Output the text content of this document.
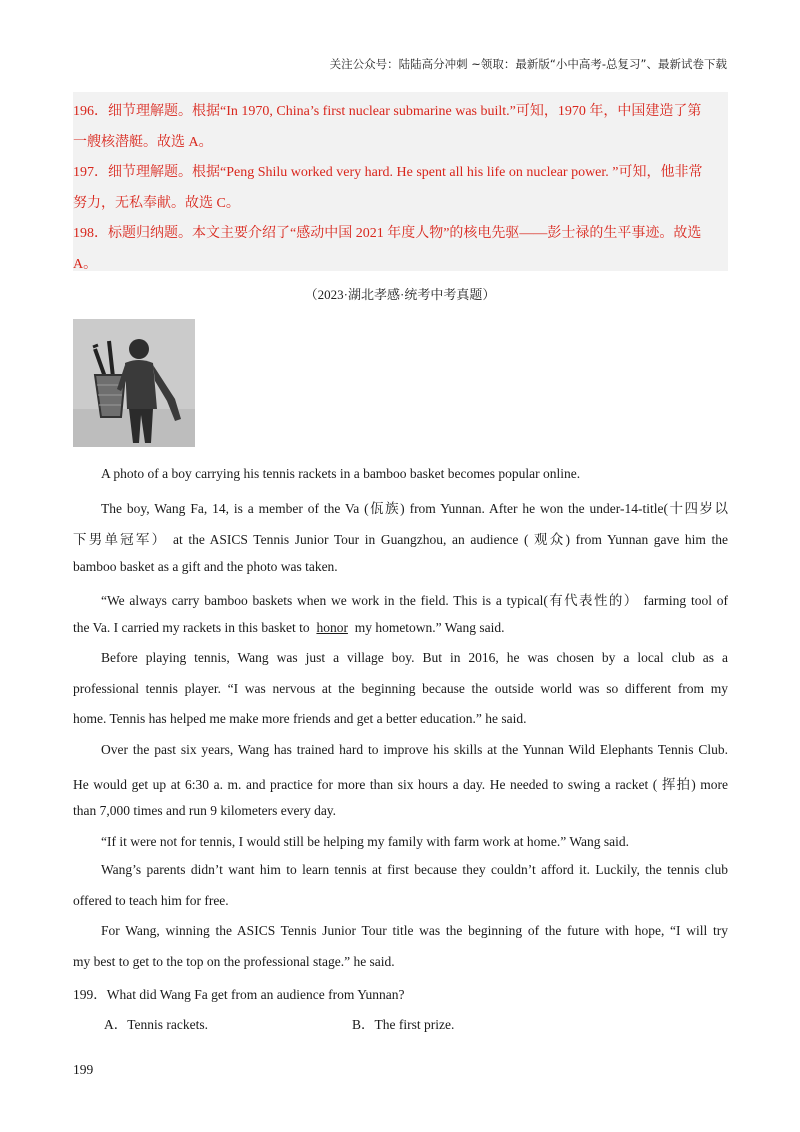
关注公众号：陆陆高分冲刺 ~领取：最新版“小中高考-总复习”、最新试卷下载
196．细节理解题。根据“In 1970, China’s first nuclear submarine was built.”可知，1970 年，中国建造了第
一艘核潜艇。故选 A。
197．细节理解题。根据“Peng Shilu worked very hard. He spent all his life on nuclear power. ”可知，他非常
努力，无私奉献。故选 C。
198．标题归纳题。本文主要介绍了“感动中国 2021 年度人物”的核电先驱——彭士禄的生平事迹。故选
A。
（2023·湖北孝感·统考中考真题）
A photo of a boy carrying his tennis rackets in a bamboo basket becomes popular online.
The boy, Wang Fa, 14, is a member of the Va (佤族) from Yunnan. After he won the under-14-title(十四岁以
下男单冠军） at the ASICS Tennis Junior Tour in Guangzhou, an audience ( 观众) from Yunnan gave him the
bamboo basket as a gift and the photo was taken.
“We always carry bamboo baskets when we work in the field. This is a typical(有代表性的） farming tool of
the Va. I carried my rackets in this basket to honor my hometown.” Wang said.
Before playing tennis, Wang was just a village boy. But in 2016, he was chosen by a local club as a
professional tennis player. “I was nervous at the beginning because the outside world was so different from my
home. Tennis has helped me make more friends and get a better education.” he said.
Over the past six years, Wang has trained hard to improve his skills at the Yunnan Wild Elephants Tennis Club.
He would get up at 6:30 a. m. and practice for more than six hours a day. He needed to swing a racket ( 挥拍) more
than 7,000 times and run 9 kilometers every day.
“If it were not for tennis, I would still be helping my family with farm work at home.” Wang said.
Wang’s parents didn’t want him to learn tennis at first because they couldn’t afford it. Luckily, the tennis club
offered to teach him for free.
For Wang, winning the ASICS Tennis Junior Tour title was the beginning of the future with hope, “I will try
my best to get to the top on the professional stage.” he said.
199．What did Wang Fa get from an audience from Yunnan?
A．Tennis rackets.	B．The first prize.
199
